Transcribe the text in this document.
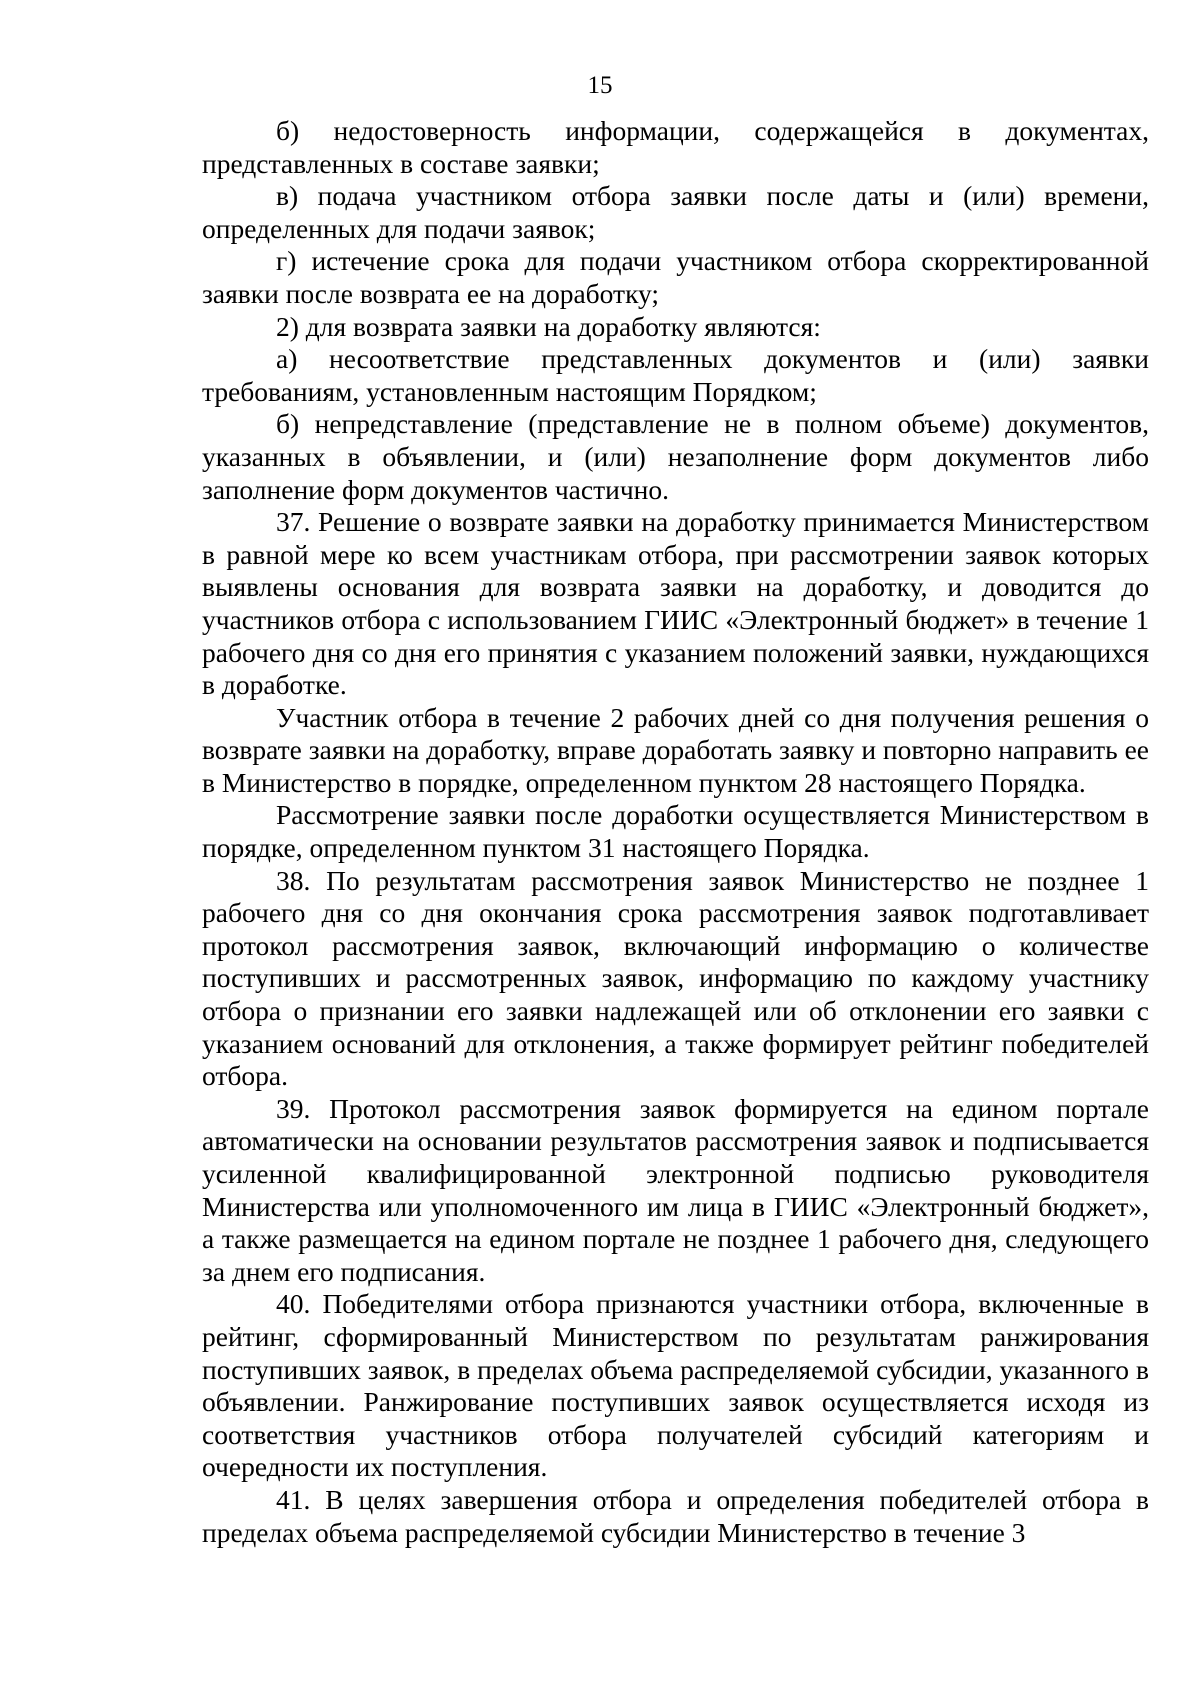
15

б) недостоверность информации, содержащейся в документах, представленных в составе заявки;

в) подача участником отбора заявки после даты и (или) времени, определенных для подачи заявок;

г) истечение срока для подачи участником отбора скорректированной заявки после возврата ее на доработку;

2) для возврата заявки на доработку являются:

а) несоответствие представленных документов и (или) заявки требованиям, установленным настоящим Порядком;

б) непредставление (представление не в полном объеме) документов, указанных в объявлении, и (или) незаполнение форм документов либо заполнение форм документов частично.

37. Решение о возврате заявки на доработку принимается Министерством в равной мере ко всем участникам отбора, при рассмотрении заявок которых выявлены основания для возврата заявки на доработку, и доводится до участников отбора с использованием ГИИС «Электронный бюджет» в течение 1 рабочего дня со дня его принятия с указанием положений заявки, нуждающихся в доработке.

Участник отбора в течение 2 рабочих дней со дня получения решения о возврате заявки на доработку, вправе доработать заявку и повторно направить ее в Министерство в порядке, определенном пунктом 28 настоящего Порядка.

Рассмотрение заявки после доработки осуществляется Министерством в порядке, определенном пунктом 31 настоящего Порядка.

38. По результатам рассмотрения заявок Министерство не позднее 1 рабочего дня со дня окончания срока рассмотрения заявок подготавливает протокол рассмотрения заявок, включающий информацию о количестве поступивших и рассмотренных заявок, информацию по каждому участнику отбора о признании его заявки надлежащей или об отклонении его заявки с указанием оснований для отклонения, а также формирует рейтинг победителей отбора.

39. Протокол рассмотрения заявок формируется на едином портале автоматически на основании результатов рассмотрения заявок и подписывается усиленной квалифицированной электронной подписью руководителя Министерства или уполномоченного им лица в ГИИС «Электронный бюджет», а также размещается на едином портале не позднее 1 рабочего дня, следующего за днем его подписания.

40. Победителями отбора признаются участники отбора, включенные в рейтинг, сформированный Министерством по результатам ранжирования поступивших заявок, в пределах объема распределяемой субсидии, указанного в объявлении. Ранжирование поступивших заявок осуществляется исходя из соответствия участников отбора получателей субсидий категориям и очередности их поступления.

41. В целях завершения отбора и определения победителей отбора в пределах объема распределяемой субсидии Министерство в течение 3
